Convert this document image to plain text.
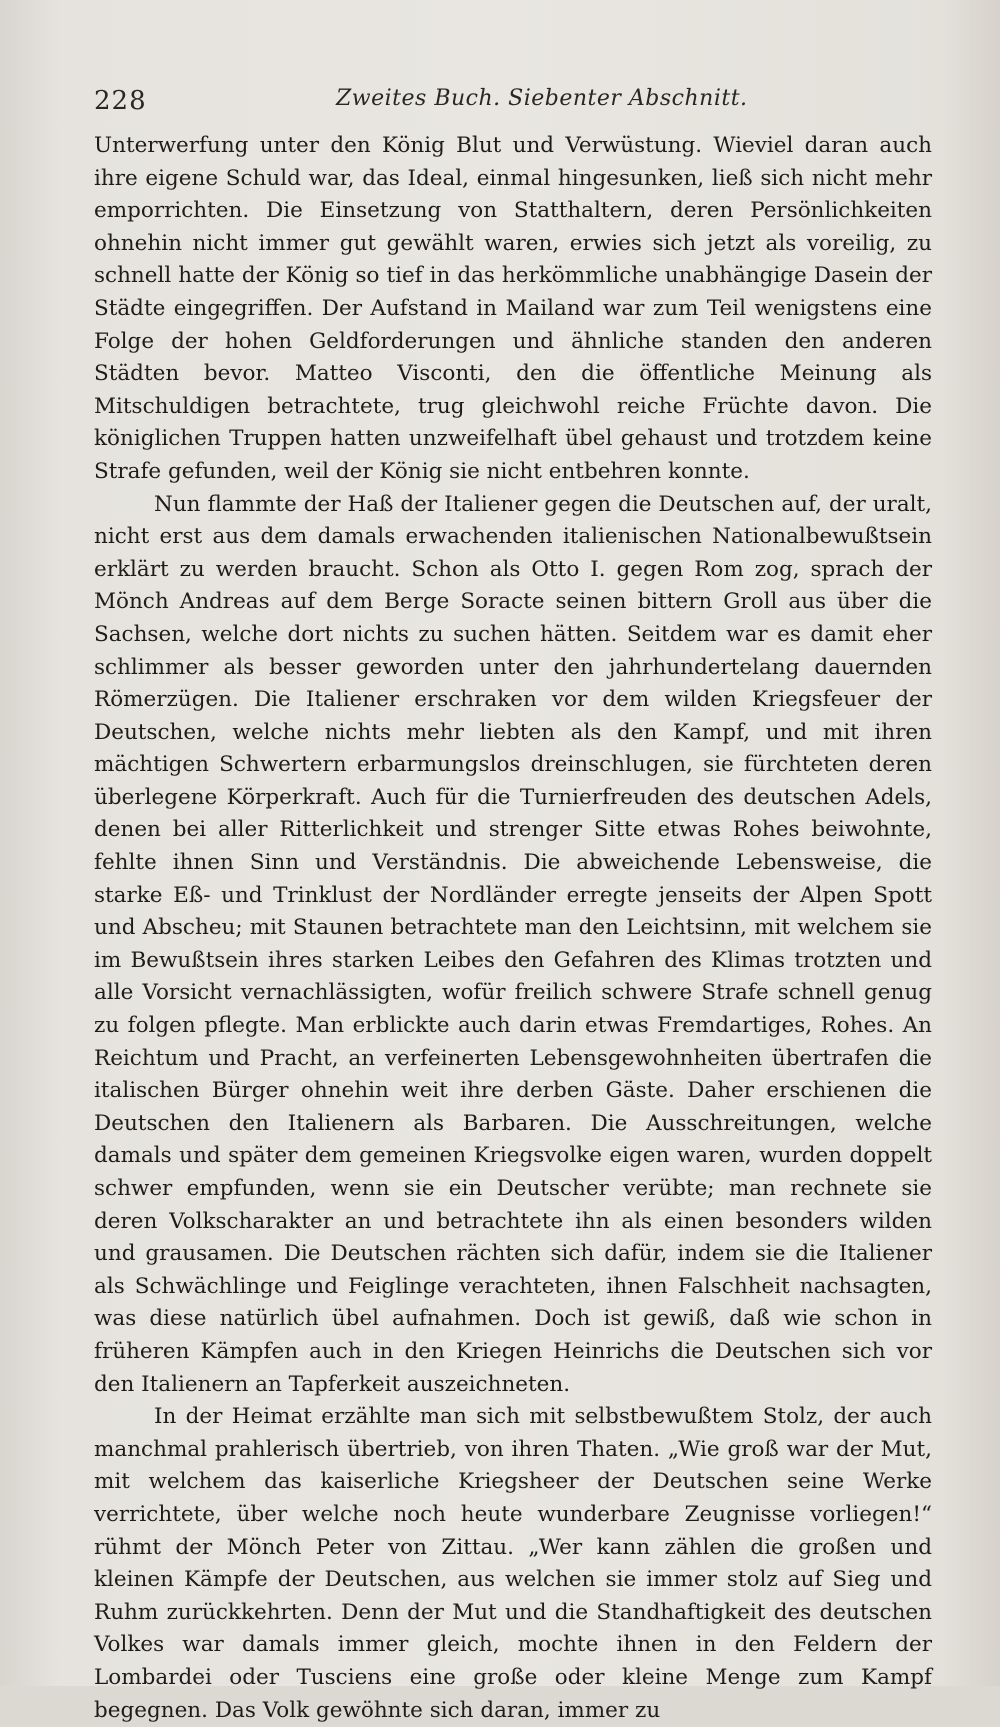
228	Zweites Buch. Siebenter Abschnitt.

Unterwerfung unter den König Blut und Verwüstung. Wieviel daran auch ihre eigene Schuld war, das Ideal, einmal hingesunken, ließ sich nicht mehr emporrichten. Die Einsetzung von Statthaltern, deren Persönlichkeiten ohnehin nicht immer gut gewählt waren, erwies sich jetzt als voreilig, zu schnell hatte der König so tief in das herkömmliche unabhängige Dasein der Städte eingegriffen. Der Aufstand in Mailand war zum Teil wenigstens eine Folge der hohen Geldforderungen und ähnliche standen den anderen Städten bevor. Matteo Visconti, den die öffentliche Meinung als Mitschuldigen betrachtete, trug gleichwohl reiche Früchte davon. Die königlichen Truppen hatten unzweifelhaft übel gehaust und trotzdem keine Strafe gefunden, weil der König sie nicht entbehren konnte.

Nun flammte der Haß der Italiener gegen die Deutschen auf, der uralt, nicht erst aus dem damals erwachenden italienischen Nationalbewußtsein erklärt zu werden braucht. Schon als Otto I. gegen Rom zog, sprach der Mönch Andreas auf dem Berge Soracte seinen bittern Groll aus über die Sachsen, welche dort nichts zu suchen hätten. Seitdem war es damit eher schlimmer als besser geworden unter den jahrhundertelang dauernden Römerzügen. Die Italiener erschraken vor dem wilden Kriegsfeuer der Deutschen, welche nichts mehr liebten als den Kampf, und mit ihren mächtigen Schwertern erbarmungslos dreinschlugen, sie fürchteten deren überlegene Körperkraft. Auch für die Turnierfreuden des deutschen Adels, denen bei aller Ritterlichkeit und strenger Sitte etwas Rohes beiwohnte, fehlte ihnen Sinn und Verständnis. Die abweichende Lebensweise, die starke Eß- und Trinklust der Nordländer erregte jenseits der Alpen Spott und Abscheu; mit Staunen betrachtete man den Leichtsinn, mit welchem sie im Bewußtsein ihres starken Leibes den Gefahren des Klimas trotzten und alle Vorsicht vernachlässigten, wofür freilich schwere Strafe schnell genug zu folgen pflegte. Man erblickte auch darin etwas Fremdartiges, Rohes. An Reichtum und Pracht, an verfeinerten Lebensgewohnheiten übertrafen die italischen Bürger ohnehin weit ihre derben Gäste. Daher erschienen die Deutschen den Italienern als Barbaren. Die Ausschreitungen, welche damals und später dem gemeinen Kriegsvolke eigen waren, wurden doppelt schwer empfunden, wenn sie ein Deutscher verübte; man rechnete sie deren Volkscharakter an und betrachtete ihn als einen besonders wilden und grausamen. Die Deutschen rächten sich dafür, indem sie die Italiener als Schwächlinge und Feiglinge verachteten, ihnen Falschheit nachsagten, was diese natürlich übel aufnahmen. Doch ist gewiß, daß wie schon in früheren Kämpfen auch in den Kriegen Heinrichs die Deutschen sich vor den Italienern an Tapferkeit auszeichneten.

In der Heimat erzählte man sich mit selbstbewußtem Stolz, der auch manchmal prahlerisch übertrieb, von ihren Thaten. „Wie groß war der Mut, mit welchem das kaiserliche Kriegsheer der Deutschen seine Werke verrichtete, über welche noch heute wunderbare Zeugnisse vorliegen!“ rühmt der Mönch Peter von Zittau. „Wer kann zählen die großen und kleinen Kämpfe der Deutschen, aus welchen sie immer stolz auf Sieg und Ruhm zurückkehrten. Denn der Mut und die Standhaftigkeit des deutschen Volkes war damals immer gleich, mochte ihnen in den Feldern der Lombardei oder Tusciens eine große oder kleine Menge zum Kampf begegnen. Das Volk gewöhnte sich daran, immer zu
